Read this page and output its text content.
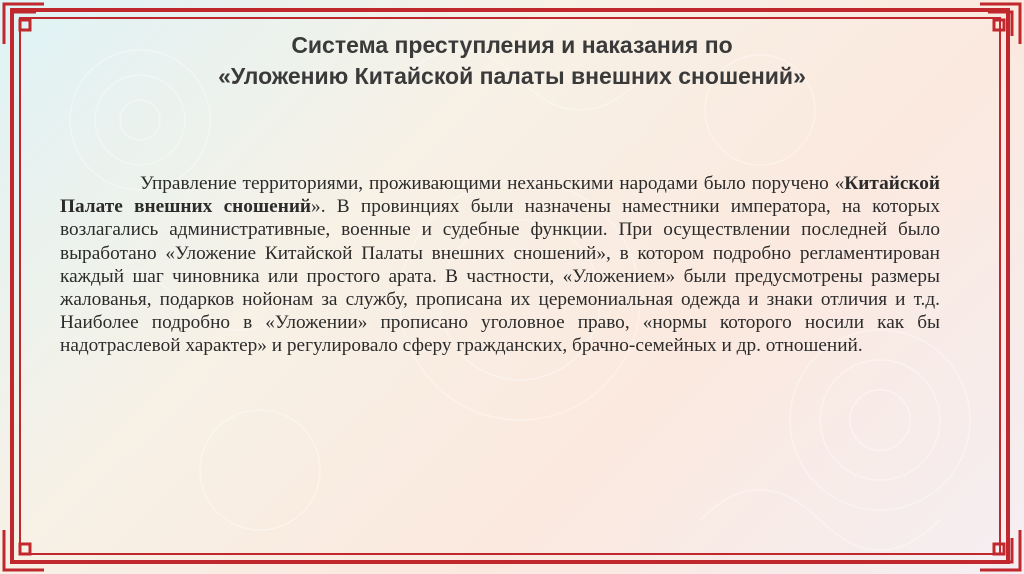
Система преступления и наказания по
«Уложению Китайской палаты внешних сношений»

Управление территориями, проживающими неханьскими народами было поручено «Китайской Палате внешних сношений». В провинциях были назначены наместники императора, на которых возлагались административные, военные и судебные функции. При осуществлении последней было выработано «Уложение Китайской Палаты внешних сношений», в котором подробно регламентирован каждый шаг чиновника или простого арата. В частности, «Уложением» были предусмотрены размеры жалованья, подарков нойонам за службу, прописана их церемониальная одежда и знаки отличия и т.д. Наиболее подробно в «Уложении» прописано уголовное право, «нормы которого носили как бы надотраслевой характер» и регулировало сферу гражданских, брачно-семейных и др. отношений.
